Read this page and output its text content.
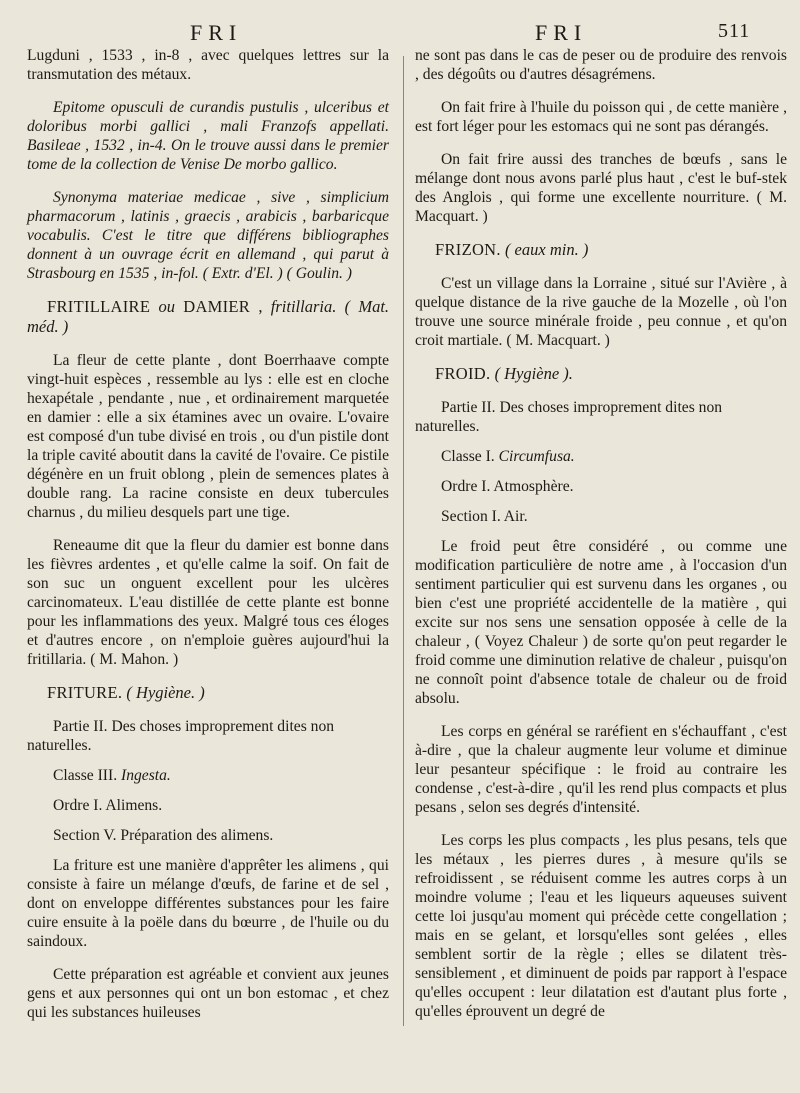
FRI	FRI	511

Lugduni , 1533 , in-8 , avec quelques lettres sur la transmutation des métaux.

Epitome opusculi de curandis pustulis , ulceribus et doloribus morbi gallici , mali Franzofs appellati. Basileae , 1532 , in-4. On le trouve aussi dans le premier tome de la collection de Venise De morbo gallico.

Synonyma materiae medicae , sive , simplicium pharmacorum , latinis , graecis , arabicis , barbaricque vocabulis. C'est le titre que différens bibliographes donnent à un ouvrage écrit en allemand , qui parut à Strasbourg en 1535 , in-fol. ( Extr. d'El. ) ( Goulin. )

FRITILLAIRE ou DAMIER , fritillaria. ( Mat. méd. )

La fleur de cette plante , dont Boerrhaave compte vingt-huit espèces , ressemble au lys : elle est en cloche hexapétale , pendante , nue , et ordinairement marquetée en damier : elle a six étamines avec un ovaire. L'ovaire est composé d'un tube divisé en trois , ou d'un pistile dont la triple cavité aboutit dans la cavité de l'ovaire. Ce pistile dégénère en un fruit oblong , plein de semences plates à double rang. La racine consiste en deux tubercules charnus , du milieu desquels part une tige.

Reneaume dit que la fleur du damier est bonne dans les fièvres ardentes , et qu'elle calme la soif. On fait de son suc un onguent excellent pour les ulcères carcinomateux. L'eau distillée de cette plante est bonne pour les inflammations des yeux. Malgré tous ces éloges et d'autres encore , on n'emploie guères aujourd'hui la fritillaria. ( M. Mahon. )

FRITURE. ( Hygiène. )

Partie II. Des choses improprement dites non naturelles.

Classe III. Ingesta.

Ordre I. Alimens.

Section V. Préparation des alimens.

La friture est une manière d'apprêter les alimens , qui consiste à faire un mélange d'œufs, de farine et de sel , dont on enveloppe différentes substances pour les faire cuire ensuite à la poële dans du bœurre , de l'huile ou du saindoux.

Cette préparation est agréable et convient aux jeunes gens et aux personnes qui ont un bon estomac , et chez qui les substances huileuses

ne sont pas dans le cas de peser ou de produire des renvois , des dégoûts ou d'autres désagrémens.

On fait frire à l'huile du poisson qui , de cette manière , est fort léger pour les estomacs qui ne sont pas dérangés.

On fait frire aussi des tranches de bœufs , sans le mélange dont nous avons parlé plus haut , c'est le buf-stek des Anglois , qui forme une excellente nourriture. ( M. Macquart. )

FRIZON. ( eaux min. )

C'est un village dans la Lorraine , situé sur l'Avière , à quelque distance de la rive gauche de la Mozelle , où l'on trouve une source minérale froide , peu connue , et qu'on croit martiale. ( M. Macquart. )

FROID. ( Hygiène ).

Partie II. Des choses improprement dites non naturelles.

Classe I. Circumfusa.

Ordre I. Atmosphère.

Section I. Air.

Le froid peut être considéré , ou comme une modification particulière de notre ame , à l'occasion d'un sentiment particulier qui est survenu dans les organes , ou bien c'est une propriété accidentelle de la matière , qui excite sur nos sens une sensation opposée à celle de la chaleur , ( Voyez Chaleur ) de sorte qu'on peut regarder le froid comme une diminution relative de chaleur , puisqu'on ne connoît point d'absence totale de chaleur ou de froid absolu.

Les corps en général se raréfient en s'échauffant , c'est à-dire , que la chaleur augmente leur volume et diminue leur pesanteur spécifique : le froid au contraire les condense , c'est-à-dire , qu'il les rend plus compacts et plus pesans , selon ses degrés d'intensité.

Les corps les plus compacts , les plus pesans, tels que les métaux , les pierres dures , à mesure qu'ils se refroidissent , se réduisent comme les autres corps à un moindre volume ; l'eau et les liqueurs aqueuses suivent cette loi jusqu'au moment qui précède cette congellation ; mais en se gelant, et lorsqu'elles sont gelées , elles semblent sortir de la règle ; elles se dilatent très-sensiblement , et diminuent de poids par rapport à l'espace qu'elles occupent : leur dilatation est d'autant plus forte , qu'elles éprouvent un degré de
